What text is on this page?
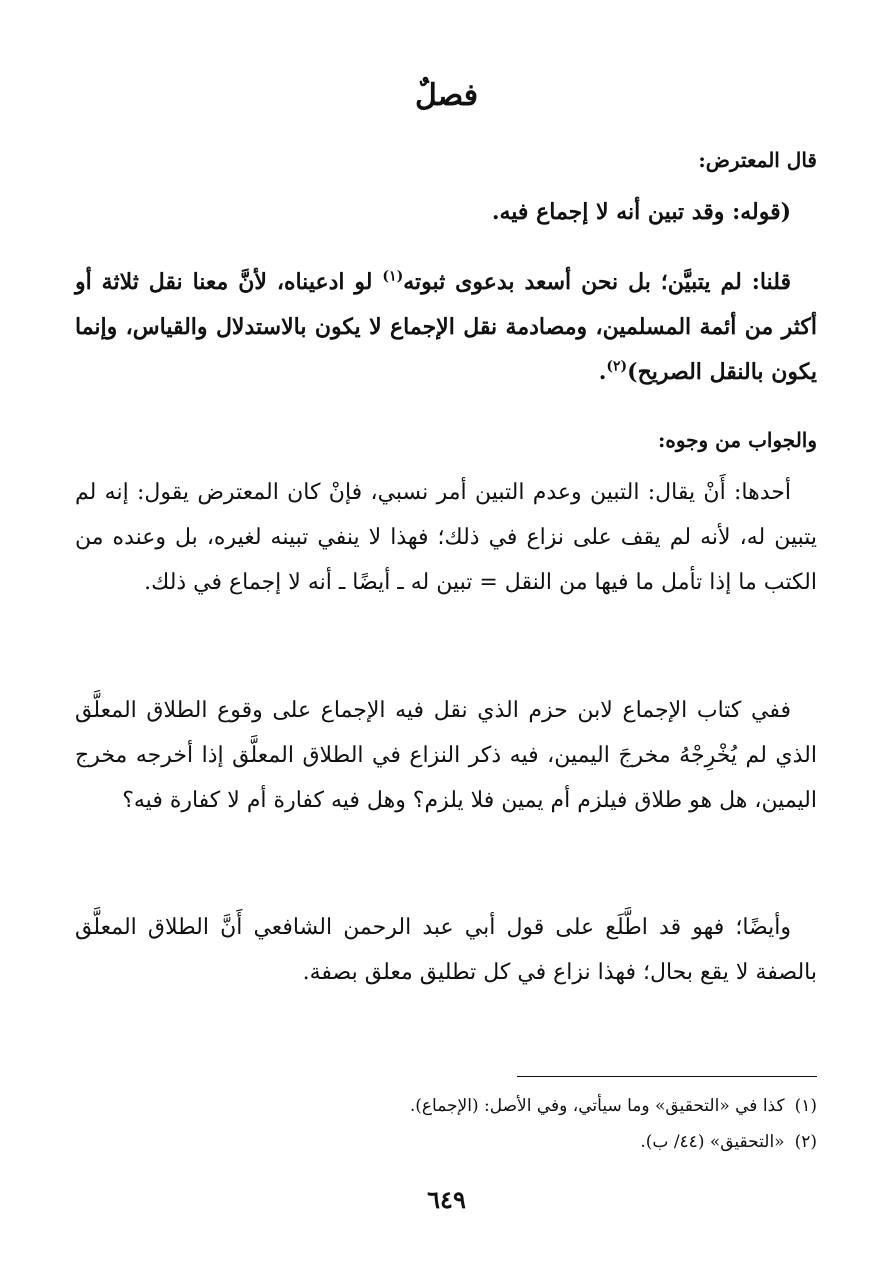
فصلٌ
قال المعترض:
(قوله: وقد تبين أنه لا إجماع فيه.
قلنا: لم يتبيَّن؛ بل نحن أسعد بدعوى ثبوته$^{(١)}$ لو ادعيناه، لأنَّ معنا نقل ثلاثة أو أكثر من أئمة المسلمين، ومصادمة نقل الإجماع لا يكون بالاستدلال والقياس، وإنما يكون بالنقل الصريح)$^{(٢)}$.
والجواب من وجوه:
أحدها: أَنْ يقال: التبين وعدم التبين أمر نسبي، فإنْ كان المعترض يقول: إنه لم يتبين له، لأنه لم يقف على نزاع في ذلك؛ فهذا لا ينفي تبينه لغيره، بل وعنده من الكتب ما إذا تأمل ما فيها من النقل = تبين له ـ أيضًا ـ أنه لا إجماع في ذلك.
ففي كتاب الإجماع لابن حزم الذي نقل فيه الإجماع على وقوع الطلاق المعلَّق الذي لم يُخْرِجْهُ مخرجَ اليمين، فيه ذكر النزاع في الطلاق المعلَّق إذا أخرجه مخرج اليمين، هل هو طلاق فيلزم أم يمين فلا يلزم؟ وهل فيه كفارة أم لا كفارة فيه؟
وأيضًا؛ فهو قد اطَّلَع على قول أبي عبد الرحمن الشافعي أَنَّ الطلاق المعلَّق بالصفة لا يقع بحال؛ فهذا نزاع في كل تطليق معلق بصفة.
(١)كذا في «التحقيق» وما سيأتي، وفي الأصل: (الإجماع).
(٢)«التحقيق» (٤٤/ ب).
٦٤٩
